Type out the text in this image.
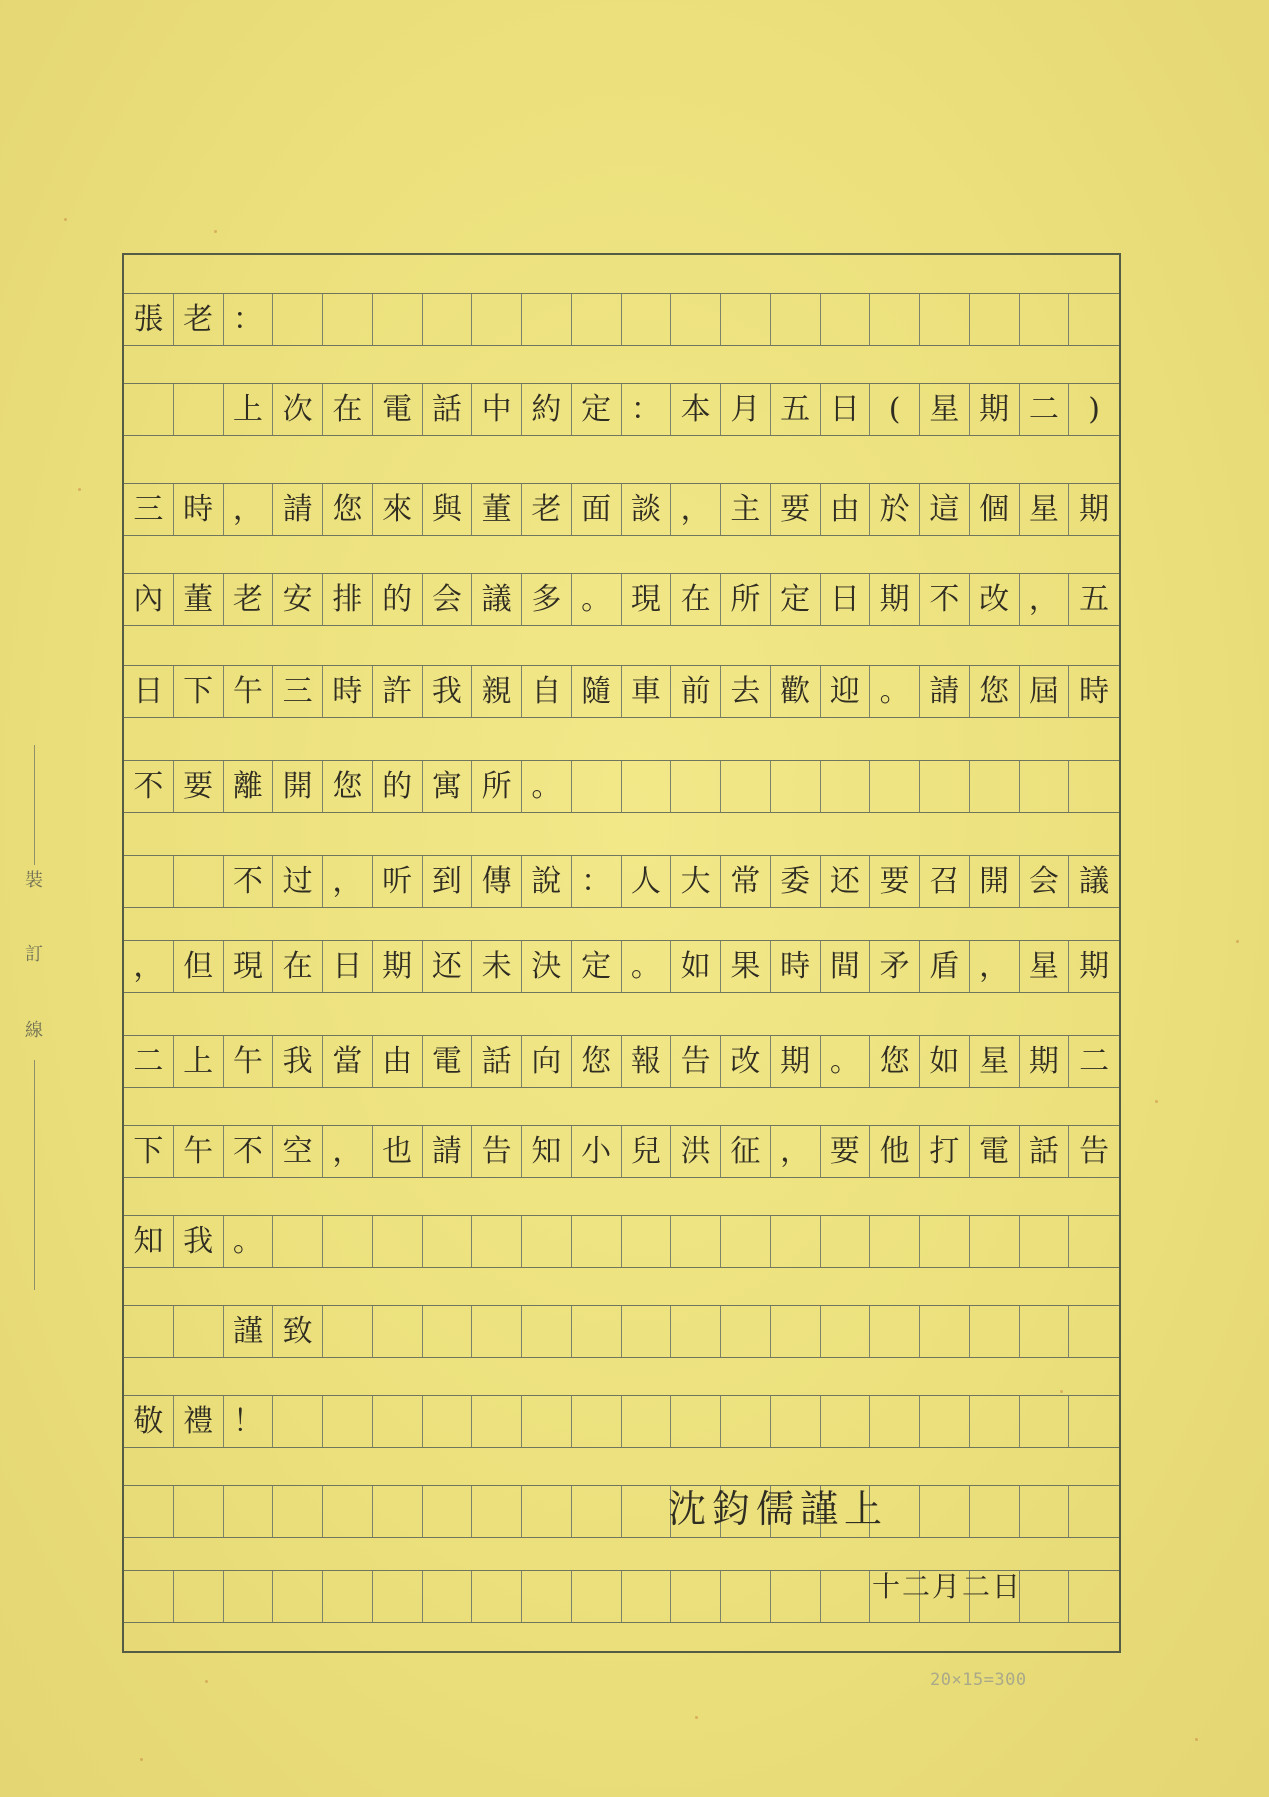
裝
訂
線
張 老 ：
上 次 在 電 話 中 約 定 ： 本 月 五 日 ( 星 期 二 )
三 時 ， 請 您 來 與 董 老 面 談 ， 主 要 由 於 這 個 星 期
內 董 老 安 排 的 会 議 多 。 現 在 所 定 日 期 不 改 ， 五
日 下 午 三 時 許 我 親 自 隨 車 前 去 歡 迎 。 請 您 屆 時
不 要 離 開 您 的 寓 所 。
不 过 ， 听 到 傳 說 ： 人 大 常 委 还 要 召 開 会 議
， 但 現 在 日 期 还 未 決 定 。 如 果 時 間 矛 盾 ， 星 期
二 上 午 我 當 由 電 話 向 您 報 告 改 期 。 您 如 星 期 二
下 午 不 空 ， 也 請 告 知 小 兒 洪 征 ， 要 他 打 電 話 告
知 我 。
謹 致
敬 禮 ！
沈鈞儒謹上
十二月二日
20×15=300
